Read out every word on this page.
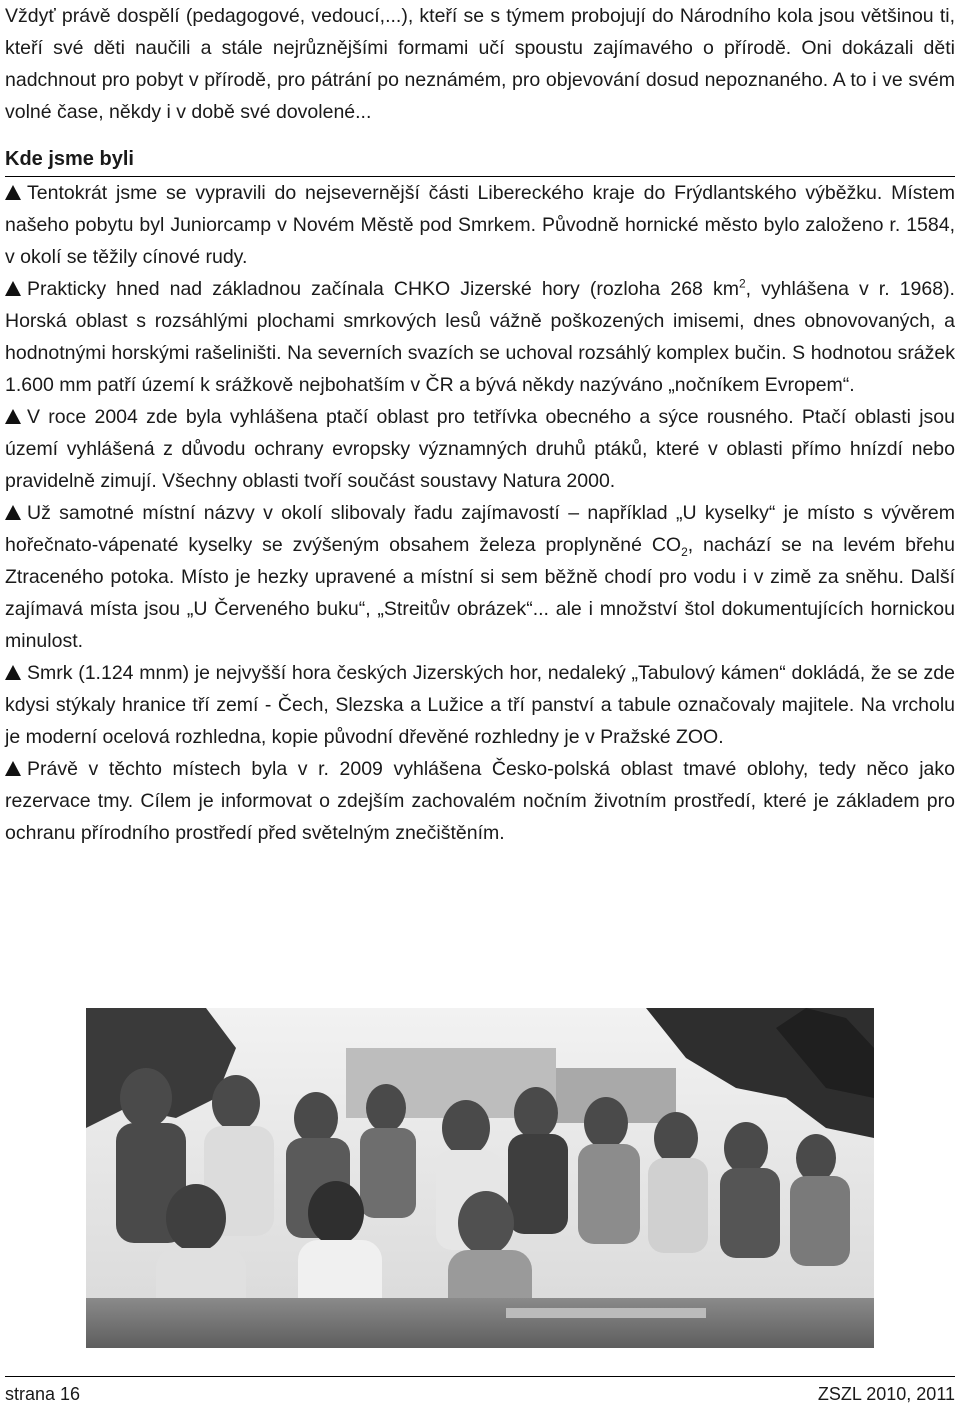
Vždyť právě dospělí (pedagogové, vedoucí,...), kteří se s týmem probojují do Národního kola jsou většinou ti, kteří své děti naučili a stále nejrůznějšími formami učí spoustu zajímavého o přírodě. Oni dokázali děti nadchnout pro pobyt v přírodě, pro pátrání po neznámém, pro objevování dosud nepoznaného. A to i ve svém volné čase, někdy i v době své dovolené...

Kde jsme byli

Tentokrát jsme se vypravili do nejsevernější části Libereckého kraje do Frýdlantského výběžku. Místem našeho pobytu byl Juniorcamp v Novém Městě pod Smrkem. Původně hornické město bylo založeno r. 1584, v okolí se těžily cínové rudy.

Prakticky hned nad základnou začínala CHKO Jizerské hory (rozloha 268 $km^2$, vyhlášena v r. 1968). Horská oblast s rozsáhlými plochami smrkových lesů vážně poškozených imisemi, dnes obnovovaných, a hodnotnými horskými rašeliništi. Na severních svazích se uchoval rozsáhlý komplex bučin. S hodnotou srážek 1.600 mm patří území k srážkově nejbohatším v ČR a bývá někdy nazýváno „nočníkem Evropem“.

V roce 2004 zde byla vyhlášena ptačí oblast pro tetřívka obecného a sýce rousného. Ptačí oblasti jsou území vyhlášená z důvodu ochrany evropsky významných druhů ptáků, které v oblasti přímo hnízdí nebo pravidelně zimují. Všechny oblasti tvoří součást soustavy Natura 2000.

Už samotné místní názvy v okolí slibovaly řadu zajímavostí – například „U kyselky“ je místo s vývěrem hořečnato-vápenaté kyselky se zvýšeným obsahem železa proplyněné $CO_2$, nachází se na levém břehu Ztraceného potoka. Místo je hezky upravené a místní si sem běžně chodí pro vodu i v zimě za sněhu. Další zajímavá místa jsou „U Červeného buku“, „Streitův obrázek“... ale i množství štol dokumentujících hornickou minulost.

Smrk (1.124 mnm) je nejvyšší hora českých Jizerských hor, nedaleký „Tabulový kámen“ dokládá, že se zde kdysi stýkaly hranice tří zemí - Čech, Slezska a Lužice a tří panství a tabule označovaly majitele. Na vrcholu je moderní ocelová rozhledna, kopie původní dřevěné rozhledny je v Pražské ZOO.

Právě v těchto místech byla v r. 2009 vyhlášena Česko-polská oblast tmavé oblohy, tedy něco jako rezervace tmy. Cílem je informovat o zdejším zachovalém nočním životním prostředí, které je základem pro ochranu přírodního prostředí před světelným znečištěním.

strana 16	ZSZL 2010, 2011
